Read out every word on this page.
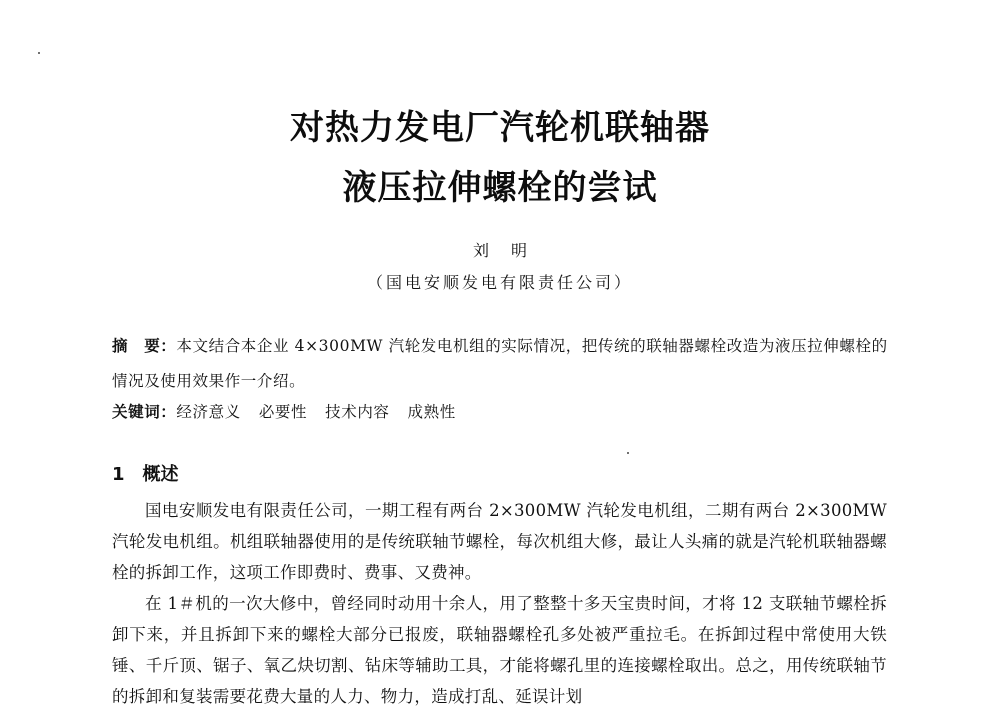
对热力发电厂汽轮机联轴器
液压拉伸螺栓的尝试
刘明
（国电安顺发电有限责任公司）

摘　要：本文结合本企业 4×300MW 汽轮发电机组的实际情况，把传统的联轴器螺栓改造为液压拉伸螺栓的情况及使用效果作一介绍。

关键词：经济意义 必要性 技术内容 成熟性

1 概述

国电安顺发电有限责任公司，一期工程有两台 2×300MW 汽轮发电机组，二期有两台 2×300MW 汽轮发电机组。机组联轴器使用的是传统联轴节螺栓，每次机组大修，最让人头痛的就是汽轮机联轴器螺栓的拆卸工作，这项工作即费时、费事、又费神。

在 1＃机的一次大修中，曾经同时动用十余人，用了整整十多天宝贵时间，才将 12 支联轴节螺栓拆卸下来，并且拆卸下来的螺栓大部分已报废，联轴器螺栓孔多处被严重拉毛。在拆卸过程中常使用大铁锤、千斤顶、锯子、氧乙炔切割、钻床等辅助工具，才能将螺孔里的连接螺栓取出。总之，用传统联轴节的拆卸和复装需要花费大量的人力、物力，造成打乱、延误计划
